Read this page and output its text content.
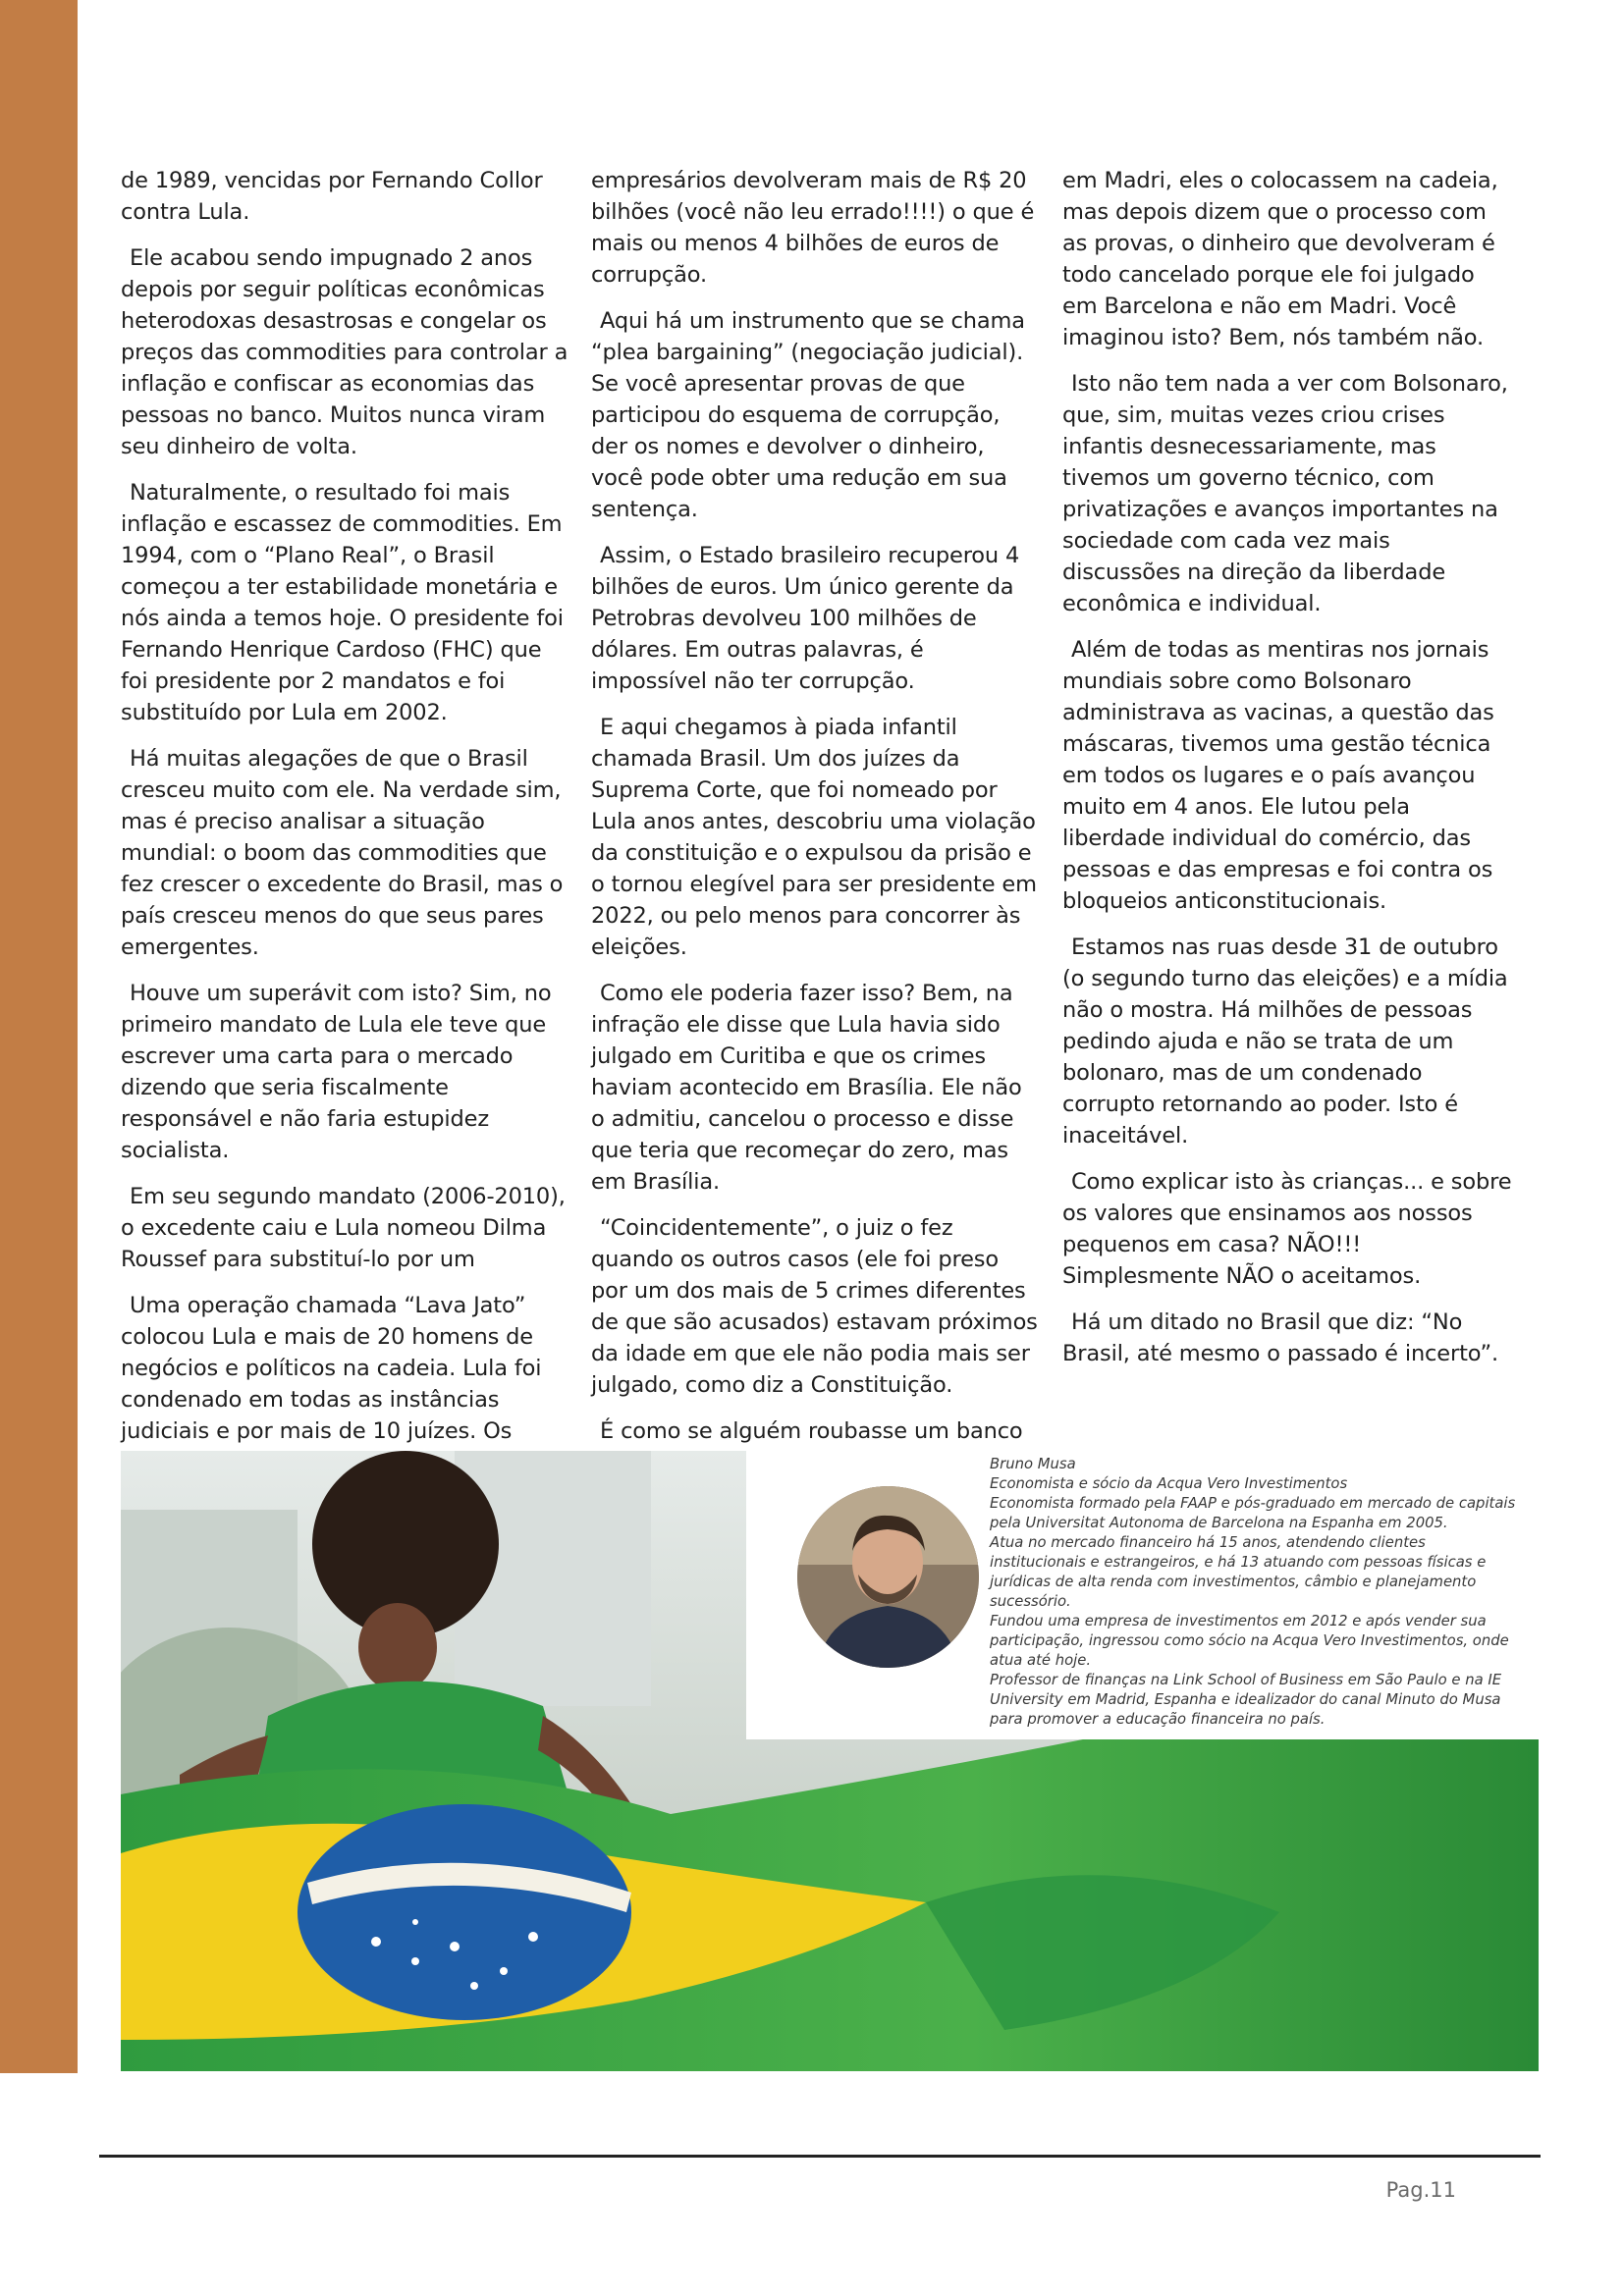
de 1989, vencidas por Fernando Collor contra Lula.

Ele acabou sendo impugnado 2 anos depois por seguir políticas econômicas heterodoxas desastrosas e congelar os preços das commodities para controlar a inflação e confiscar as economias das pessoas no banco. Muitos nunca viram seu dinheiro de volta.

Naturalmente, o resultado foi mais inflação e escassez de commodities. Em 1994, com o “Plano Real”, o Brasil começou a ter estabilidade monetária e nós ainda a temos hoje. O presidente foi Fernando Henrique Cardoso (FHC) que foi presidente por 2 mandatos e foi substituído por Lula em 2002.

Há muitas alegações de que o Brasil cresceu muito com ele. Na verdade sim, mas é preciso analisar a situação mundial: o boom das commodities que fez crescer o excedente do Brasil, mas o país cresceu menos do que seus pares emergentes.

Houve um superávit com isto? Sim, no primeiro mandato de Lula ele teve que escrever uma carta para o mercado dizendo que seria fiscalmente responsável e não faria estupidez socialista.

Em seu segundo mandato (2006-2010), o excedente caiu e Lula nomeou Dilma Roussef para substituí-lo por um

Uma operação chamada “Lava Jato” colocou Lula e mais de 20 homens de negócios e políticos na cadeia. Lula foi condenado em todas as instâncias judiciais e por mais de 10 juízes. Os

empresários devolveram mais de R$ 20 bilhões (você não leu errado!!!!) o que é mais ou menos 4 bilhões de euros de corrupção.

Aqui há um instrumento que se chama “plea bargaining” (negociação judicial). Se você apresentar provas de que participou do esquema de corrupção, der os nomes e devolver o dinheiro, você pode obter uma redução em sua sentença.

Assim, o Estado brasileiro recuperou 4 bilhões de euros. Um único gerente da Petrobras devolveu 100 milhões de dólares. Em outras palavras, é impossível não ter corrupção.

E aqui chegamos à piada infantil chamada Brasil. Um dos juízes da Suprema Corte, que foi nomeado por Lula anos antes, descobriu uma violação da constituição e o expulsou da prisão e o tornou elegível para ser presidente em 2022, ou pelo menos para concorrer às eleições.

Como ele poderia fazer isso? Bem, na infração ele disse que Lula havia sido julgado em Curitiba e que os crimes haviam acontecido em Brasília. Ele não o admitiu, cancelou o processo e disse que teria que recomeçar do zero, mas em Brasília.

“Coincidentemente”, o juiz o fez quando os outros casos (ele foi preso por um dos mais de 5 crimes diferentes de que são acusados) estavam próximos da idade em que ele não podia mais ser julgado, como diz a Constituição.

É como se alguém roubasse um banco

em Madri, eles o colocassem na cadeia, mas depois dizem que o processo com as provas, o dinheiro que devolveram é todo cancelado porque ele foi julgado em Barcelona e não em Madri. Você imaginou isto? Bem, nós também não.

Isto não tem nada a ver com Bolsonaro, que, sim, muitas vezes criou crises infantis desnecessariamente, mas tivemos um governo técnico, com privatizações e avanços importantes na sociedade com cada vez mais discussões na direção da liberdade econômica e individual.

Além de todas as mentiras nos jornais mundiais sobre como Bolsonaro administrava as vacinas, a questão das máscaras, tivemos uma gestão técnica em todos os lugares e o país avançou muito em 4 anos. Ele lutou pela liberdade individual do comércio, das pessoas e das empresas e foi contra os bloqueios anticonstitucionais.

Estamos nas ruas desde 31 de outubro (o segundo turno das eleições) e a mídia não o mostra. Há milhões de pessoas pedindo ajuda e não se trata de um bolonaro, mas de um condenado corrupto retornando ao poder. Isto é inaceitável.

Como explicar isto às crianças... e sobre os valores que ensinamos aos nossos pequenos em casa? NÃO!!! Simplesmente NÃO o aceitamos.

Há um ditado no Brasil que diz: “No Brasil, até mesmo o passado é incerto”.

Bruno Musa
Economista e sócio da Acqua Vero Investimentos
Economista formado pela FAAP e pós-graduado em mercado de capitais pela Universitat Autonoma de Barcelona na Espanha em 2005.
Atua no mercado financeiro há 15 anos, atendendo clientes institucionais e estrangeiros, e há 13 atuando com pessoas físicas e jurídicas de alta renda com investimentos, câmbio e planejamento sucessório.
Fundou uma empresa de investimentos em 2012 e após vender sua participação, ingressou como sócio na Acqua Vero Investimentos, onde atua até hoje.
Professor de finanças na Link School of Business em São Paulo e na IE University em Madrid, Espanha e idealizador do canal Minuto do Musa para promover a educação financeira no país.
Pag.11
